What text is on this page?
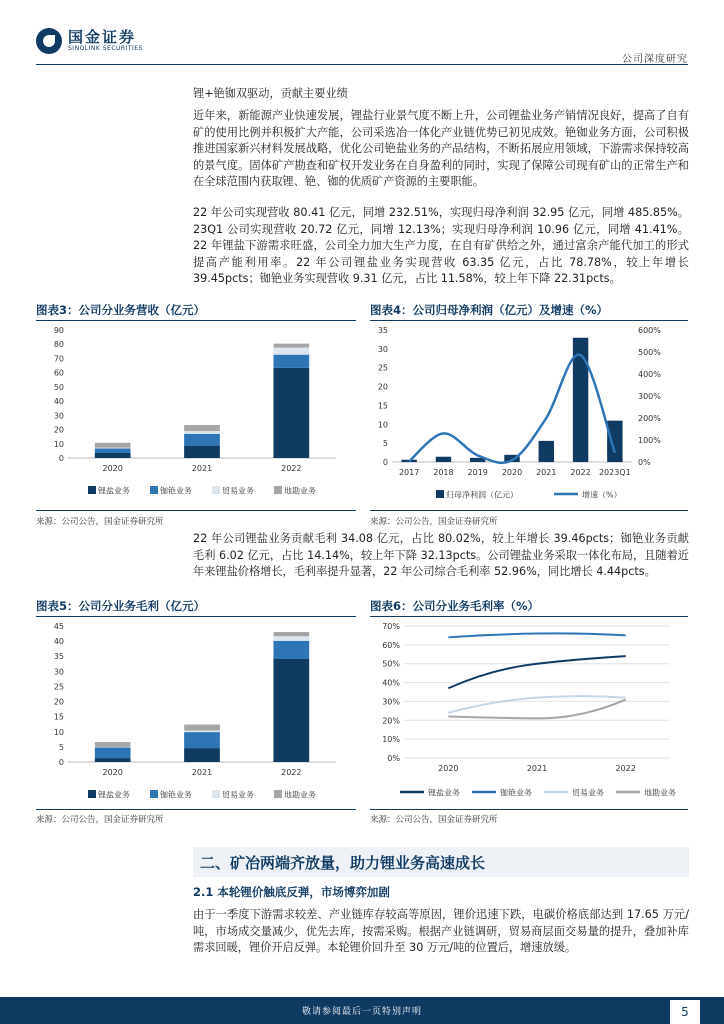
国金证券
SINOLINK SECURITIES
公司深度研究
锂+铯铷双驱动，贡献主要业绩
近年来，新能源产业快速发展，锂盐行业景气度不断上升，公司锂盐业务产销情况良好，提高了自有矿的使用比例并积极扩大产能，公司采选冶一体化产业链优势已初见成效。铯铷业务方面，公司积极推进国家新兴材料发展战略，优化公司铯盐业务的产品结构，不断拓展应用领域，下游需求保持较高的景气度。固体矿产勘查和矿权开发业务在自身盈利的同时，实现了保障公司现有矿山的正常生产和在全球范围内获取锂、铯、铷的优质矿产资源的主要职能。
22 年公司实现营收 80.41 亿元，同增 232.51%，实现归母净利润 32.95 亿元，同增 485.85%。23Q1 公司实现营收 20.72 亿元，同增 12.13%；实现归母净利润 10.96 亿元，同增 41.41%。22 年锂盐下游需求旺盛，公司全力加大生产力度，在自有矿供给之外，通过富余产能代加工的形式提高产能利用率。22 年公司锂盐业务实现营收 63.35 亿元，占比 78.78%，较上年增长 39.45pcts；铷铯业务实现营收 9.31 亿元，占比 11.58%，较上年下降 22.31pcts。
图表3：公司分业务营收（亿元）
0
10
20
30
40
50
60
70
80
90
2020	2021	2022
锂盐业务	铷铯业务	贸易业务	地勘业务
来源：公司公告，国金证券研究所
图表4：公司归母净利润（亿元）及增速（%）
0
5
10
15
20
25
30
35
0%
100%
200%
300%
400%
500%
600%
2017 2018 2019 2020 2021 2022 2023Q1
归母净利润（亿元）	增速（%）
来源：公司公告，国金证券研究所
22 年公司锂盐业务贡献毛利 34.08 亿元，占比 80.02%，较上年增长 39.46pcts；铷铯业务贡献毛利 6.02 亿元，占比 14.14%，较上年下降 32.13pcts。公司锂盐业务采取一体化布局，且随着近年来锂盐价格增长，毛利率提升显著，22 年公司综合毛利率 52.96%，同比增长 4.44pcts。
图表5：公司分业务毛利（亿元）
0
5
10
15
20
25
30
35
40
45
2020	2021	2022
锂盐业务	铷铯业务	贸易业务	地勘业务
来源：公司公告，国金证券研究所
图表6：公司分业务毛利率（%）
0%
10%
20%
30%
40%
50%
60%
70%
2020	2021	2022
锂盐业务	铷铯业务	贸易业务	地勘业务
来源：公司公告，国金证券研究所
二、矿冶两端齐放量，助力锂业务高速成长
2.1 本轮锂价触底反弹，市场博弈加剧
由于一季度下游需求较差、产业链库存较高等原因，锂价迅速下跌，电碳价格底部达到 17.65 万元/吨，市场成交量减少，优先去库，按需采购。根据产业链调研，贸易商层面交易量的提升，叠加补库需求回暖，锂价开启反弹。本轮锂价回升至 30 万元/吨的位置后，增速放缓。
敬请参阅最后一页特别声明	5
